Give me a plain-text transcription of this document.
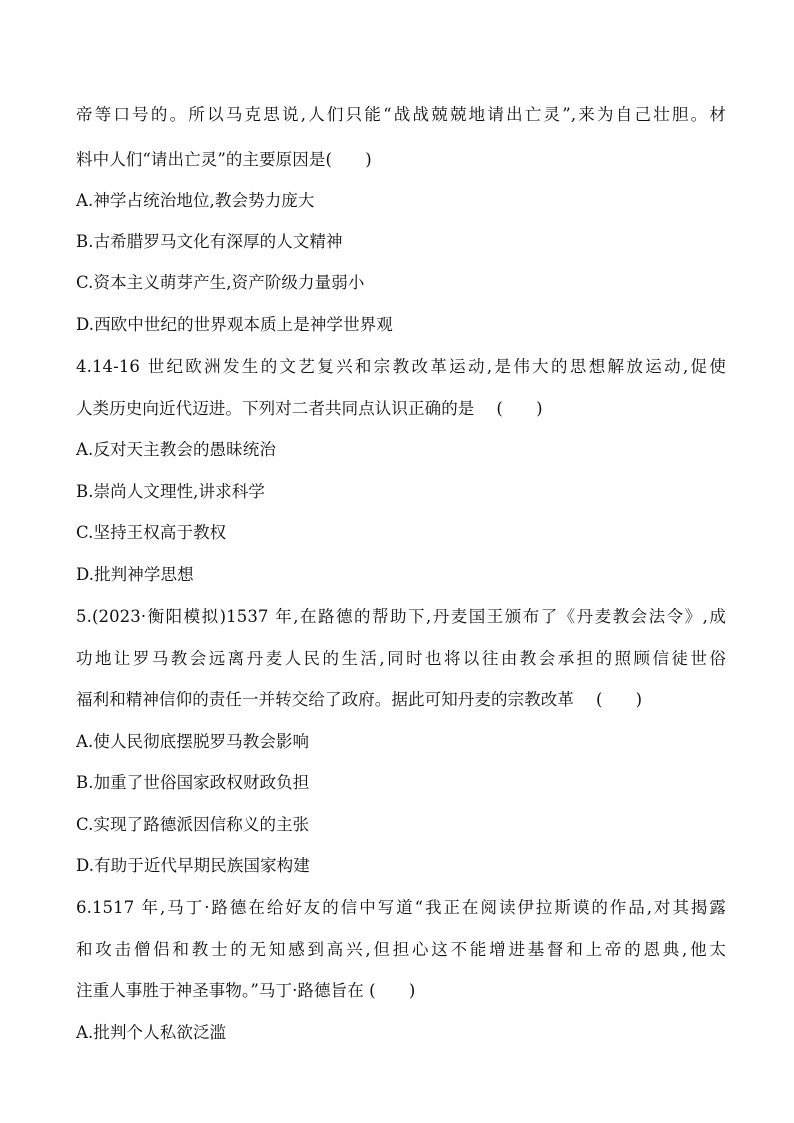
帝等口号的。所以马克思说,人们只能“战战兢兢地请出亡灵”,来为自己壮胆。材
料中人们“请出亡灵”的主要原因是(　　)
A.神学占统治地位,教会势力庞大
B.古希腊罗马文化有深厚的人文精神
C.资本主义萌芽产生,资产阶级力量弱小
D.西欧中世纪的世界观本质上是神学世界观
4.14-16 世纪欧洲发生的文艺复兴和宗教改革运动,是伟大的思想解放运动,促使
人类历史向近代迈进。下列对二者共同点认识正确的是　 (　　)
A.反对天主教会的愚昧统治
B.崇尚人文理性,讲求科学
C.坚持王权高于教权
D.批判神学思想
5.(2023·衡阳模拟)1537 年,在路德的帮助下,丹麦国王颁布了《丹麦教会法令》,成
功地让罗马教会远离丹麦人民的生活,同时也将以往由教会承担的照顾信徒世俗
福利和精神信仰的责任一并转交给了政府。据此可知丹麦的宗教改革　 (　　)
A.使人民彻底摆脱罗马教会影响
B.加重了世俗国家政权财政负担
C.实现了路德派因信称义的主张
D.有助于近代早期民族国家构建
6.1517 年,马丁·路德在给好友的信中写道“我正在阅读伊拉斯谟的作品,对其揭露
和攻击僧侣和教士的无知感到高兴,但担心这不能增进基督和上帝的恩典,他太
注重人事胜于神圣事物。”马丁·路德旨在 (　　)
A.批判个人私欲泛滥
